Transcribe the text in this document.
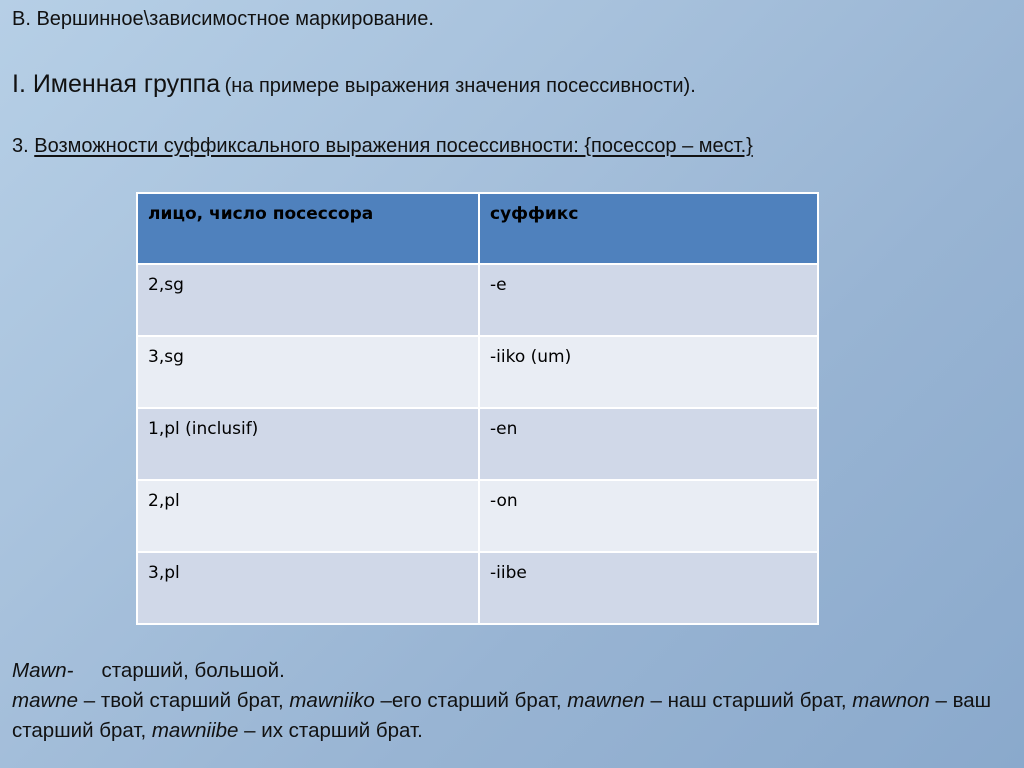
B. Вершинное\зависимостное маркирование.

I. Именная группа (на примере выражения значения посессивности).

3. Возможности суффиксального выражения посессивности: {посессор – мест.}

лицо, число посессора	суффикс
2,sg	-e
3,sg	-iiko (um)
1,pl (inclusif)	-en
2,pl	-on
3,pl	-iibe

Mawn- старший, большой.
mawne – твой старший брат, mawniiko –его старший брат, mawnen – наш старший брат, mawnon – ваш старший брат, mawniibe – их старший брат.
